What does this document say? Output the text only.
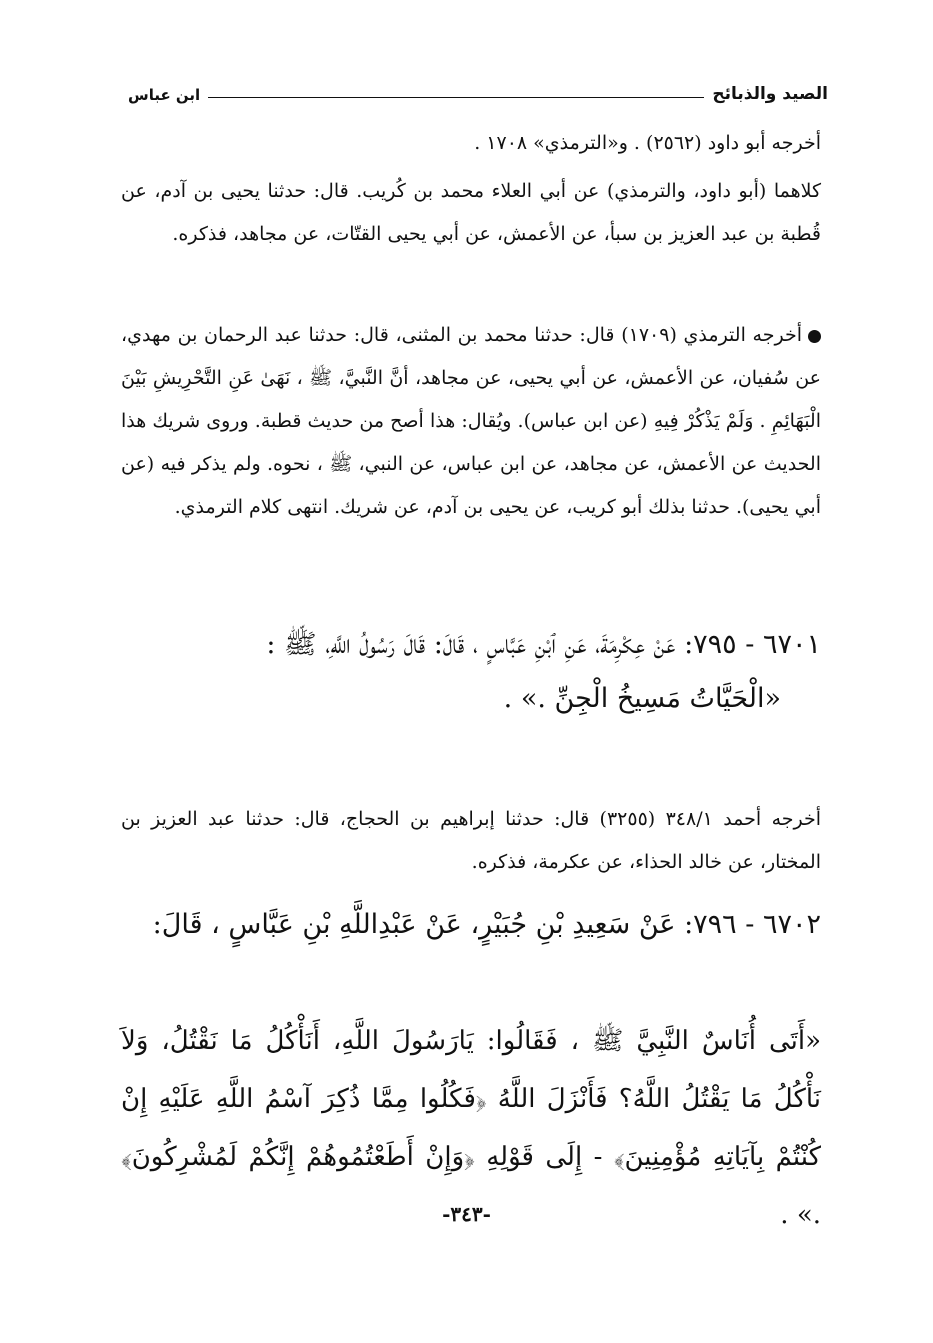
الصيد والذبائح
ابن عباس

أخرجه أبو داود (٢٥٦٢) . و«الترمذي» ١٧٠٨ .

كلاهما (أبو داود، والترمذي) عن أبي العلاء محمد بن كُريب. قال: حدثنا يحيى بن آدم، عن قُطبة بن عبد العزيز بن سبأ، عن الأعمش، عن أبي يحيى القتّات، عن مجاهد، فذكره.

أخرجه الترمذي (١٧٠٩) قال: حدثنا محمد بن المثنى، قال: حدثنا عبد الرحمان بن مهدي، عن سُفيان، عن الأعمش، عن أبي يحيى، عن مجاهد، أنَّ النَّبيَّ، ﷺ ، نَهَىٰ عَنِ التَّحْرِيشِ بَيْنَ الْبَهَائِمِ . وَلَمْ يَذْكُرْ فِيهِ (عن ابن عباس). ويُقال: هذا أصح من حديث قطبة. وروى شريك هذا الحديث عن الأعمش، عن مجاهد، عن ابن عباس، عن النبي، ﷺ ، نحوه. ولم يذكر فيه (عن أبي يحيى). حدثنا بذلك أبو كريب، عن يحيى بن آدم، عن شريك. انتهى كلام الترمذي.

٦٧٠١ - ٧٩٥: عَنْ عِكْرِمَةَ، عَنِ ٱبْنِ عَبَّاسٍ ، قَالَ: قَالَ رَسُولُ اللَّهِ، ﷺ :

«الْحَيَّاتُ مَسِيخُ الْجِنِّ .» .

أخرجه أحمد ٣٤٨/١ (٣٢٥٥) قال: حدثنا إبراهيم بن الحجاج، قال: حدثنا عبد العزيز بن المختار، عن خالد الحذاء، عن عكرمة، فذكره.

٦٧٠٢ - ٧٩٦: عَنْ سَعِيدِ بْنِ جُبَيْرٍ، عَنْ عَبْدِاللَّهِ بْنِ عَبَّاسٍ ، قَالَ:

«أَتَى أُنَاسٌ النَّبِيَّ ﷺ ، فَقَالُوا: يَارَسُولَ اللَّهِ، أَنَأْكُلُ مَا نَقْتُلُ، وَلاَ نَأْكُلُ مَا يَقْتُلُ اللَّهُ؟ فَأَنْزَلَ اللَّهُ ﴿فَكُلُوا مِمَّا ذُكِرَ آسْمُ اللَّهِ عَلَيْهِ إِنْ كُنْتُمْ بِآيَاتِهِ مُؤْمِنِينَ﴾ - إِلَى قَوْلِهِ ﴿وَإِنْ أَطَعْتُمُوهُمْ إِنَّكُمْ لَمُشْرِكُونَ﴾ .» .

-٣٤٣-
